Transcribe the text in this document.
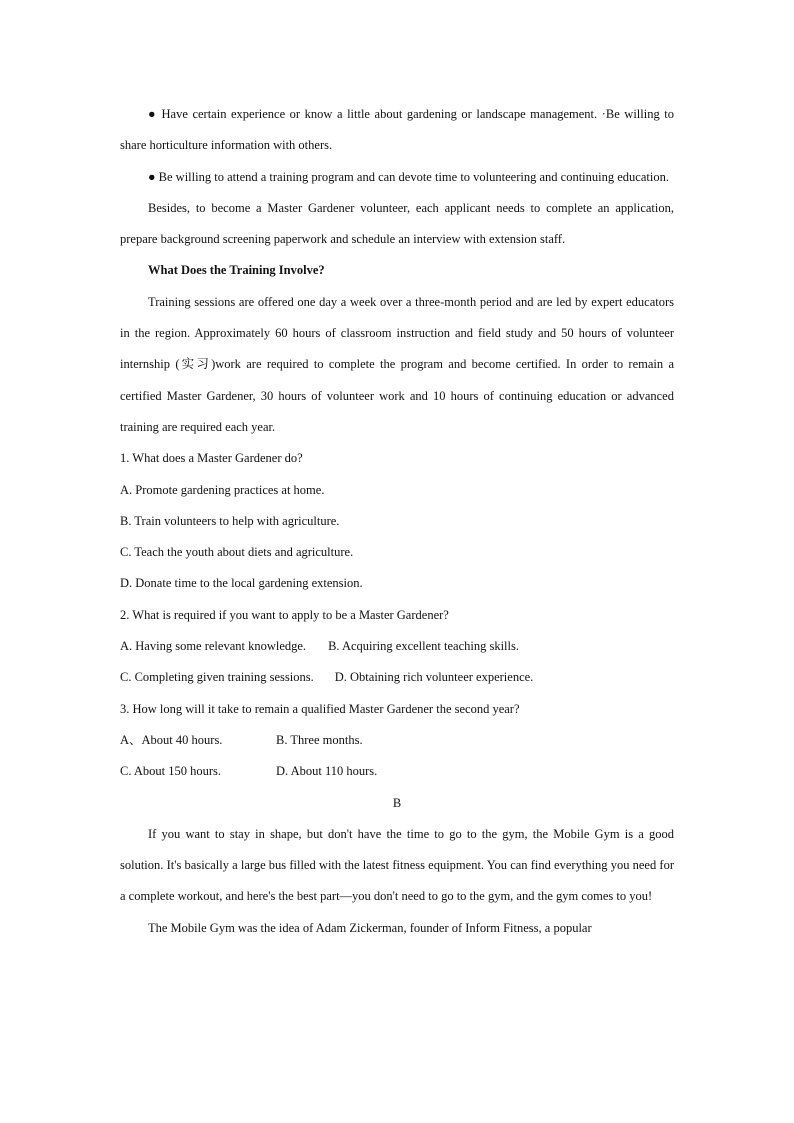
● Have certain experience or know a little about gardening or landscape management. ·Be willing to share horticulture information with others.

● Be willing to attend a training program and can devote time to volunteering and continuing education.

Besides, to become a Master Gardener volunteer, each applicant needs to complete an application, prepare background screening paperwork and schedule an interview with extension staff.

What Does the Training Involve?

Training sessions are offered one day a week over a three-month period and are led by expert educators in the region. Approximately 60 hours of classroom instruction and field study and 50 hours of volunteer internship (实习)work are required to complete the program and become certified. In order to remain a certified Master Gardener, 30 hours of volunteer work and 10 hours of continuing education or advanced training are required each year.

1. What does a Master Gardener do?

A. Promote gardening practices at home.

B. Train volunteers to help with agriculture.

C. Teach the youth about diets and agriculture.

D. Donate time to the local gardening extension.

2. What is required if you want to apply to be a Master Gardener?

A. Having some relevant knowledge. B. Acquiring excellent teaching skills.

C. Completing given training sessions. D. Obtaining rich volunteer experience.

3. How long will it take to remain a qualified Master Gardener the second year?

A、About 40 hours.	B. Three months.

C. About 150 hours.	D. About 110 hours.

B

If you want to stay in shape, but don't have the time to go to the gym, the Mobile Gym is a good solution. It's basically a large bus filled with the latest fitness equipment. You can find everything you need for a complete workout, and here's the best part—you don't need to go to the gym, and the gym comes to you!

The Mobile Gym was the idea of Adam Zickerman, founder of Inform Fitness, a popular
